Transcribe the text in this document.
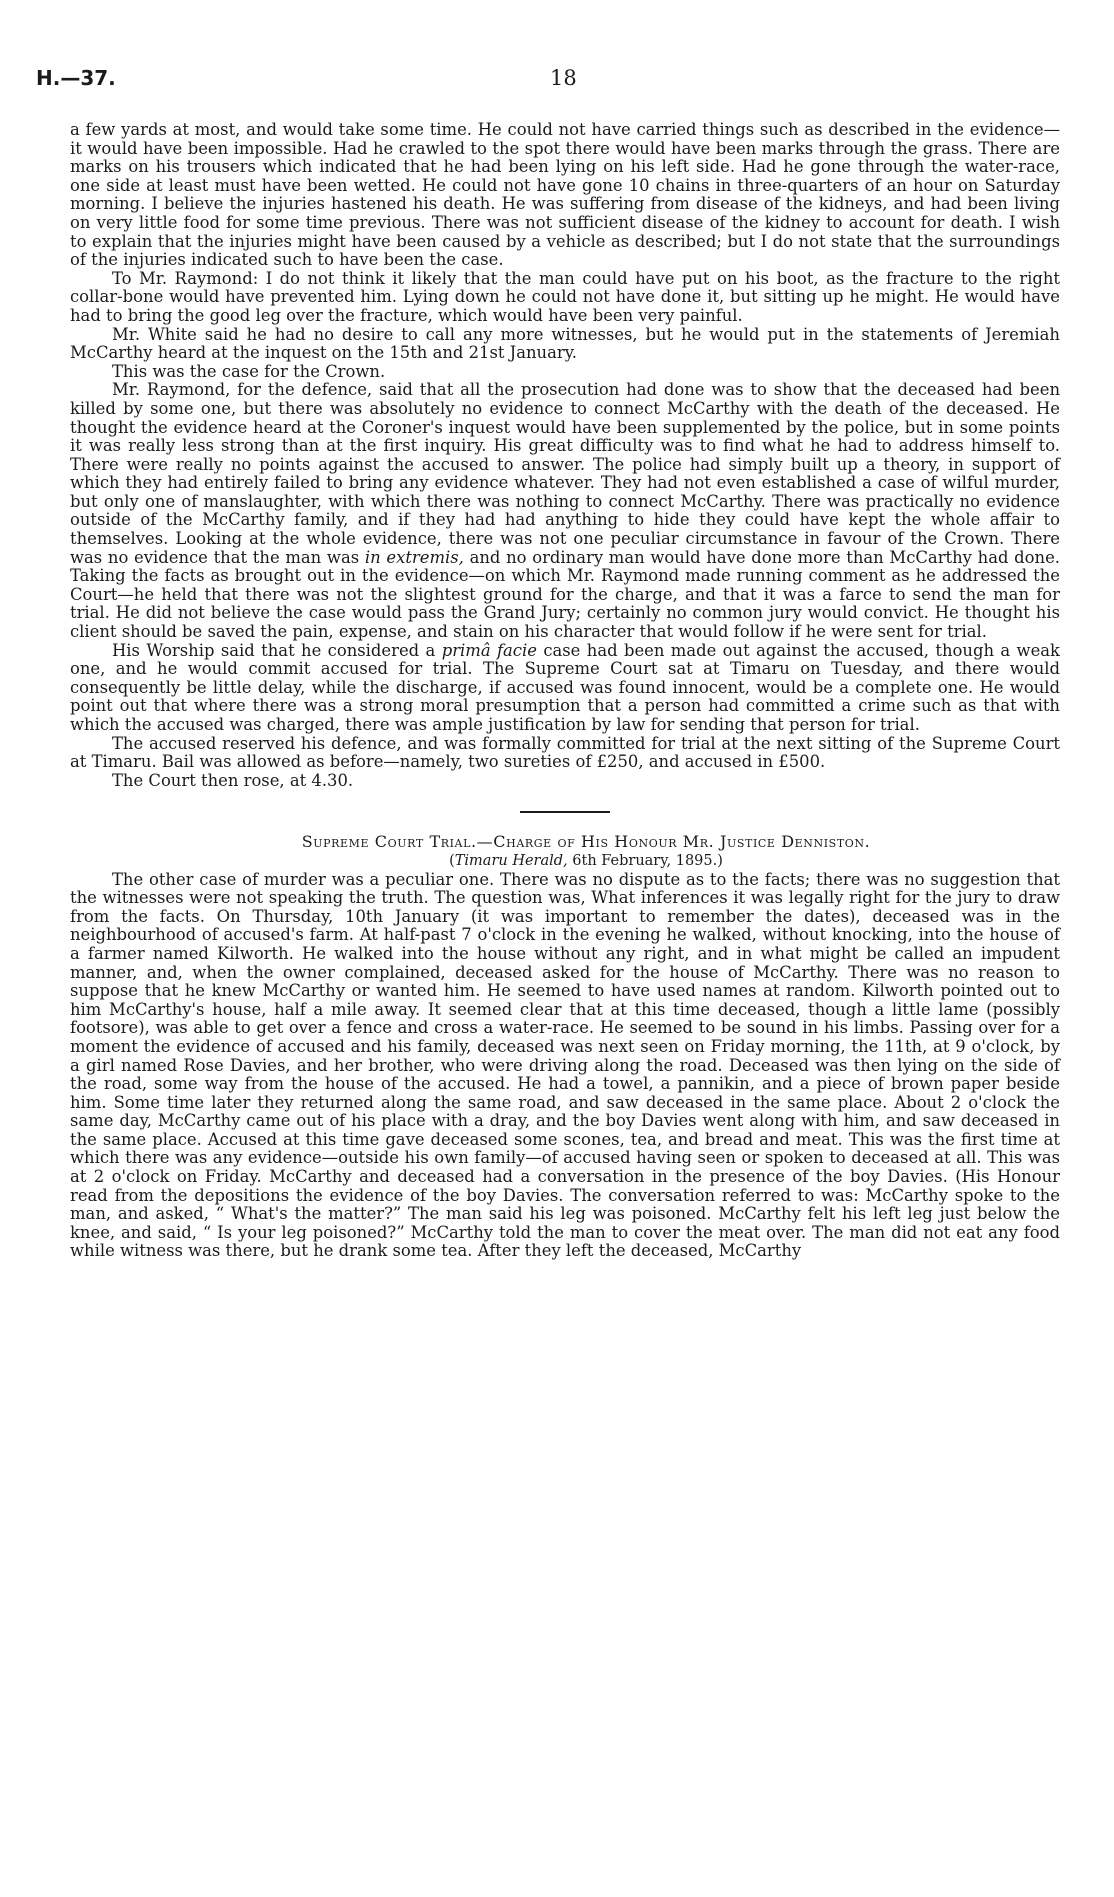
H.—37.	18

a few yards at most, and would take some time. He could not have carried things such as described in the evidence—it would have been impossible. Had he crawled to the spot there would have been marks through the grass. There are marks on his trousers which indicated that he had been lying on his left side. Had he gone through the water-race, one side at least must have been wetted. He could not have gone 10 chains in three-quarters of an hour on Saturday morning. I believe the injuries hastened his death. He was suffering from disease of the kidneys, and had been living on very little food for some time previous. There was not sufficient disease of the kidney to account for death. I wish to explain that the injuries might have been caused by a vehicle as described; but I do not state that the surroundings of the injuries indicated such to have been the case.

To Mr. Raymond: I do not think it likely that the man could have put on his boot, as the fracture to the right collar-bone would have prevented him. Lying down he could not have done it, but sitting up he might. He would have had to bring the good leg over the fracture, which would have been very painful.

Mr. White said he had no desire to call any more witnesses, but he would put in the statements of Jeremiah McCarthy heard at the inquest on the 15th and 21st January.

This was the case for the Crown.

Mr. Raymond, for the defence, said that all the prosecution had done was to show that the deceased had been killed by some one, but there was absolutely no evidence to connect McCarthy with the death of the deceased. He thought the evidence heard at the Coroner's inquest would have been supplemented by the police, but in some points it was really less strong than at the first inquiry. His great difficulty was to find what he had to address himself to. There were really no points against the accused to answer. The police had simply built up a theory, in support of which they had entirely failed to bring any evidence whatever. They had not even established a case of wilful murder, but only one of manslaughter, with which there was nothing to connect McCarthy. There was practically no evidence outside of the McCarthy family, and if they had had anything to hide they could have kept the whole affair to themselves. Looking at the whole evidence, there was not one peculiar circumstance in favour of the Crown. There was no evidence that the man was in extremis, and no ordinary man would have done more than McCarthy had done. Taking the facts as brought out in the evidence—on which Mr. Raymond made running comment as he addressed the Court—he held that there was not the slightest ground for the charge, and that it was a farce to send the man for trial. He did not believe the case would pass the Grand Jury; certainly no common jury would convict. He thought his client should be saved the pain, expense, and stain on his character that would follow if he were sent for trial.

His Worship said that he considered a primâ facie case had been made out against the accused, though a weak one, and he would commit accused for trial. The Supreme Court sat at Timaru on Tuesday, and there would consequently be little delay, while the discharge, if accused was found innocent, would be a complete one. He would point out that where there was a strong moral presumption that a person had committed a crime such as that with which the accused was charged, there was ample justification by law for sending that person for trial.

The accused reserved his defence, and was formally committed for trial at the next sitting of the Supreme Court at Timaru. Bail was allowed as before—namely, two sureties of £250, and accused in £500.

The Court then rose, at 4.30.

Supreme Court Trial.—Charge of His Honour Mr. Justice Denniston.

(Timaru Herald, 6th February, 1895.)

The other case of murder was a peculiar one. There was no dispute as to the facts; there was no suggestion that the witnesses were not speaking the truth. The question was, What inferences it was legally right for the jury to draw from the facts. On Thursday, 10th January (it was important to remember the dates), deceased was in the neighbourhood of accused's farm. At half-past 7 o'clock in the evening he walked, without knocking, into the house of a farmer named Kilworth. He walked into the house without any right, and in what might be called an impudent manner, and, when the owner complained, deceased asked for the house of McCarthy. There was no reason to suppose that he knew McCarthy or wanted him. He seemed to have used names at random. Kilworth pointed out to him McCarthy's house, half a mile away. It seemed clear that at this time deceased, though a little lame (possibly footsore), was able to get over a fence and cross a water-race. He seemed to be sound in his limbs. Passing over for a moment the evidence of accused and his family, deceased was next seen on Friday morning, the 11th, at 9 o'clock, by a girl named Rose Davies, and her brother, who were driving along the road. Deceased was then lying on the side of the road, some way from the house of the accused. He had a towel, a pannikin, and a piece of brown paper beside him. Some time later they returned along the same road, and saw deceased in the same place. About 2 o'clock the same day, McCarthy came out of his place with a dray, and the boy Davies went along with him, and saw deceased in the same place. Accused at this time gave deceased some scones, tea, and bread and meat. This was the first time at which there was any evidence—outside his own family—of accused having seen or spoken to deceased at all. This was at 2 o'clock on Friday. McCarthy and deceased had a conversation in the presence of the boy Davies. (His Honour read from the depositions the evidence of the boy Davies. The conversation referred to was: McCarthy spoke to the man, and asked, “ What's the matter?” The man said his leg was poisoned. McCarthy felt his left leg just below the knee, and said, “ Is your leg poisoned?” McCarthy told the man to cover the meat over. The man did not eat any food while witness was there, but he drank some tea. After they left the deceased, McCarthy
